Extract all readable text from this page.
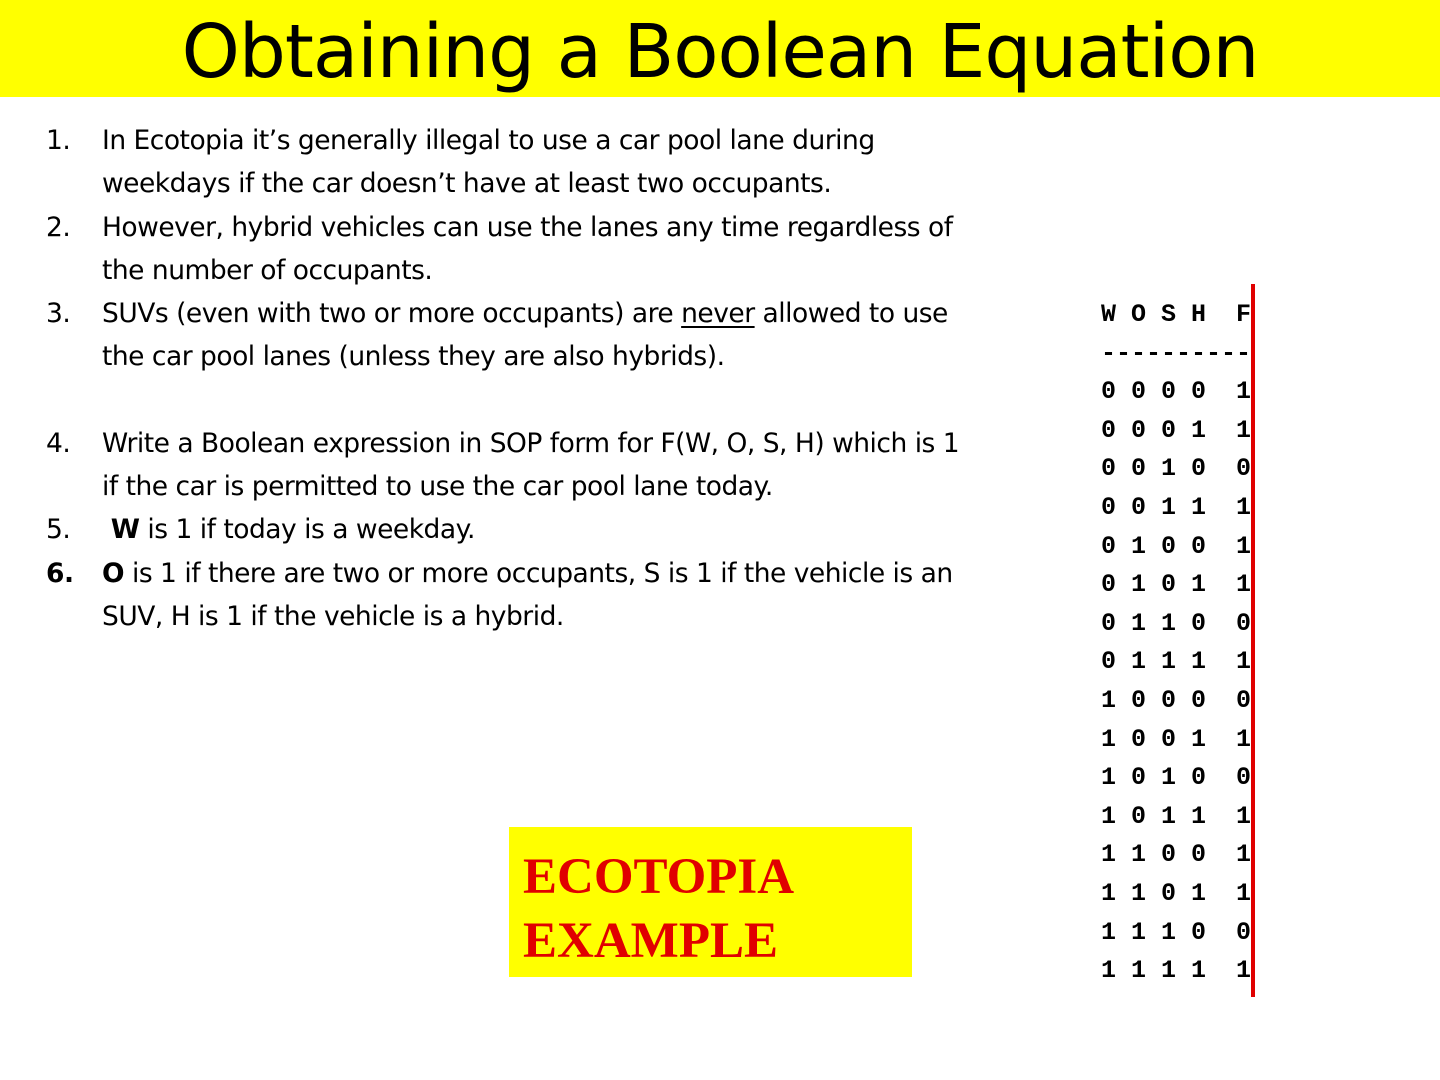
Obtaining a Boolean Equation
1. In Ecotopia it’s generally illegal to use a car pool lane during weekdays if the car doesn’t have at least two occupants.
2. However, hybrid vehicles can use the lanes any time regardless of the number of occupants.
3. SUVs (even with two or more occupants) are never allowed to use the car pool lanes (unless they are also hybrids).
4. Write a Boolean expression in SOP form for F(W, O, S, H) which is 1 if the car is permitted to use the car pool lane today.
5. W is 1 if today is a weekday.
6. O is 1 if there are two or more occupants, S is 1 if the vehicle is an SUV, H is 1 if the vehicle is a hybrid.
W O S H  F
----------
0 0 0 0  1
0 0 0 1  1
0 0 1 0  0
0 0 1 1  1
0 1 0 0  1
0 1 0 1  1
0 1 1 0  0
0 1 1 1  1
1 0 0 0  0
1 0 0 1  1
1 0 1 0  0
1 0 1 1  1
1 1 0 0  1
1 1 0 1  1
1 1 1 0  0
1 1 1 1  1
ECOTOPIA
EXAMPLE
